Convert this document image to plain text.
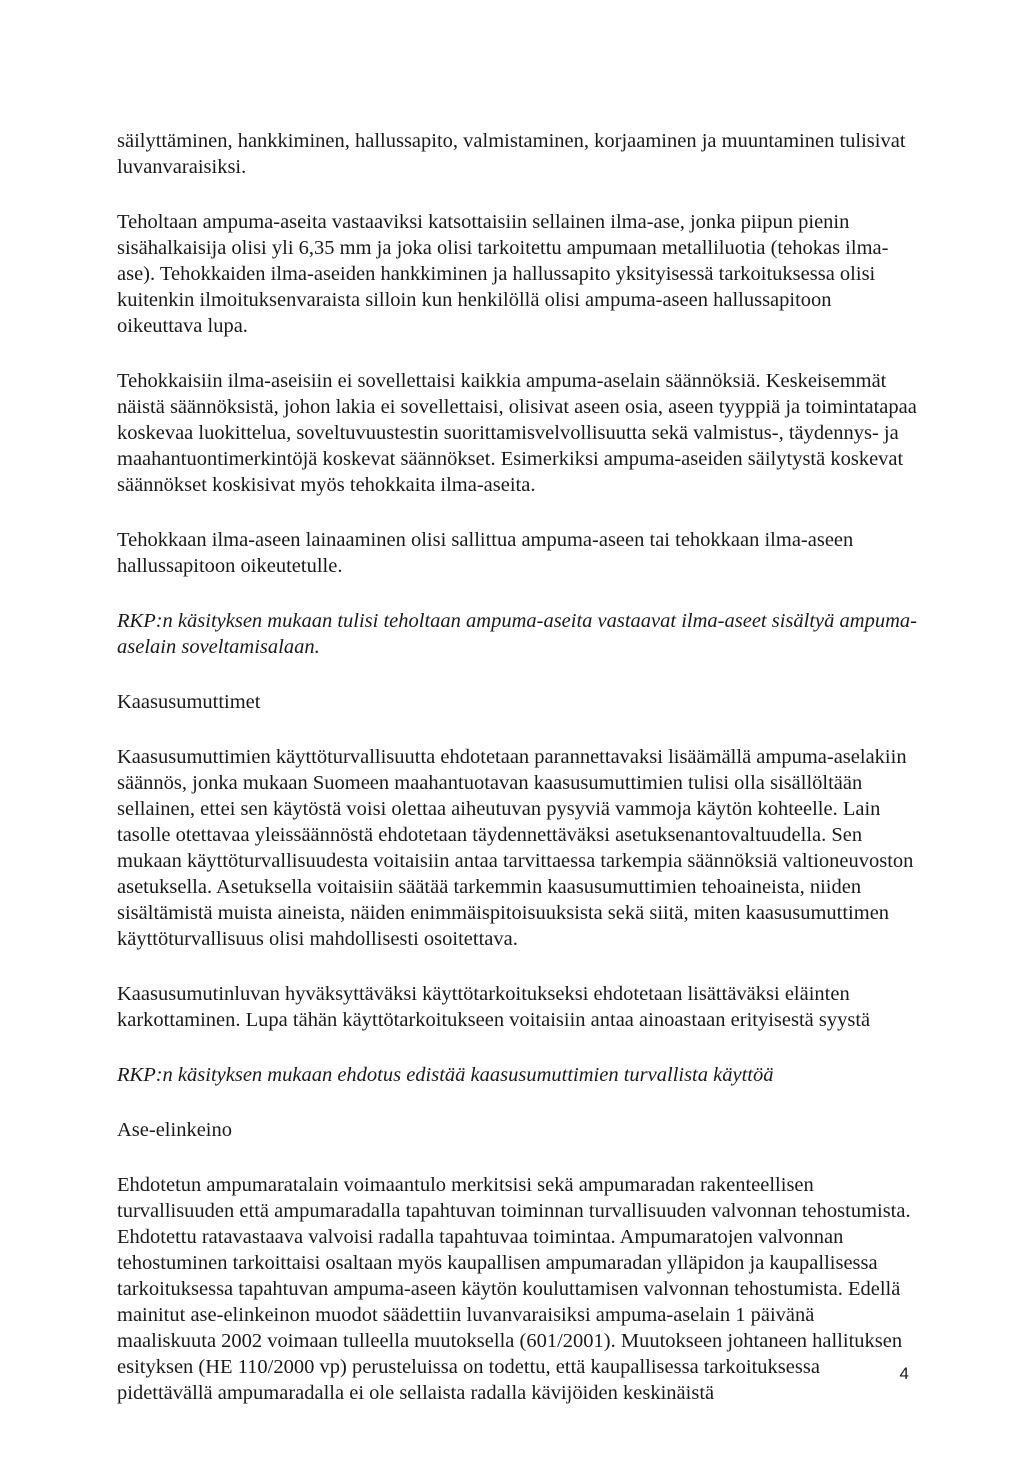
säilyttäminen, hankkiminen, hallussapito, valmistaminen, korjaaminen ja muuntaminen tulisivat luvanvaraisiksi.

Teholtaan ampuma-aseita vastaaviksi katsottaisiin sellainen ilma-ase, jonka piipun pienin sisähalkaisija olisi yli 6,35 mm ja joka olisi tarkoitettu ampumaan metalliluotia (tehokas ilma-ase). Tehokkaiden ilma-aseiden hankkiminen ja hallussapito yksityisessä tarkoituksessa olisi kuitenkin ilmoituksenvaraista silloin kun henkilöllä olisi ampuma-aseen hallussapitoon oikeuttava lupa.

Tehokkaisiin ilma-aseisiin ei sovellettaisi kaikkia ampuma-aselain säännöksiä. Keskeisemmät näistä säännöksistä, johon lakia ei sovellettaisi, olisivat aseen osia, aseen tyyppiä ja toimintatapaa koskevaa luokittelua, soveltuvuustestin suorittamisvelvollisuutta sekä valmistus-, täydennys- ja maahantuontimerkintöjä koskevat säännökset. Esimerkiksi ampuma-aseiden säilytystä koskevat säännökset koskisivat myös tehokkaita ilma-aseita.

Tehokkaan ilma-aseen lainaaminen olisi sallittua ampuma-aseen tai tehokkaan ilma-aseen hallussapitoon oikeutetulle.

RKP:n käsityksen mukaan tulisi teholtaan ampuma-aseita vastaavat ilma-aseet sisältyä ampuma-aselain soveltamisalaan.

Kaasusumuttimet

Kaasusumuttimien käyttöturvallisuutta ehdotetaan parannettavaksi lisäämällä ampuma-aselakiin säännös, jonka mukaan Suomeen maahantuotavan kaasusumuttimien tulisi olla sisällöltään sellainen, ettei sen käytöstä voisi olettaa aiheutuvan pysyviä vammoja käytön kohteelle. Lain tasolle otettavaa yleissäännöstä ehdotetaan täydennettäväksi asetuksenantovaltuudella. Sen mukaan käyttöturvallisuudesta voitaisiin antaa tarvittaessa tarkempia säännöksiä valtioneuvoston asetuksella. Asetuksella voitaisiin säätää tarkemmin kaasusumuttimien tehoaineista, niiden sisältämistä muista aineista, näiden enimmäispitoisuuksista sekä siitä, miten kaasusumuttimen käyttöturvallisuus olisi mahdollisesti osoitettava.

Kaasusumutinluvan hyväksyttäväksi käyttötarkoitukseksi ehdotetaan lisättäväksi eläinten karkottaminen. Lupa tähän käyttötarkoitukseen voitaisiin antaa ainoastaan erityisestä syystä

RKP:n käsityksen mukaan ehdotus edistää kaasusumuttimien turvallista käyttöä

Ase-elinkeino

Ehdotetun ampumaratalain voimaantulo merkitsisi sekä ampumaradan rakenteellisen turvallisuuden että ampumaradalla tapahtuvan toiminnan turvallisuuden valvonnan tehostumista. Ehdotettu ratavastaava valvoisi radalla tapahtuvaa toimintaa. Ampumaratojen valvonnan tehostuminen tarkoittaisi osaltaan myös kaupallisen ampumaradan ylläpidon ja kaupallisessa tarkoituksessa tapahtuvan ampuma-aseen käytön kouluttamisen valvonnan tehostumista. Edellä mainitut ase-elinkeinon muodot säädettiin luvanvaraisiksi ampuma-aselain 1 päivänä maaliskuuta 2002 voimaan tulleella muutoksella (601/2001). Muutokseen johtaneen hallituksen esityksen (HE 110/2000 vp) perusteluissa on todettu, että kaupallisessa tarkoituksessa pidettävällä ampumaradalla ei ole sellaista radalla kävijöiden keskinäistä

4
